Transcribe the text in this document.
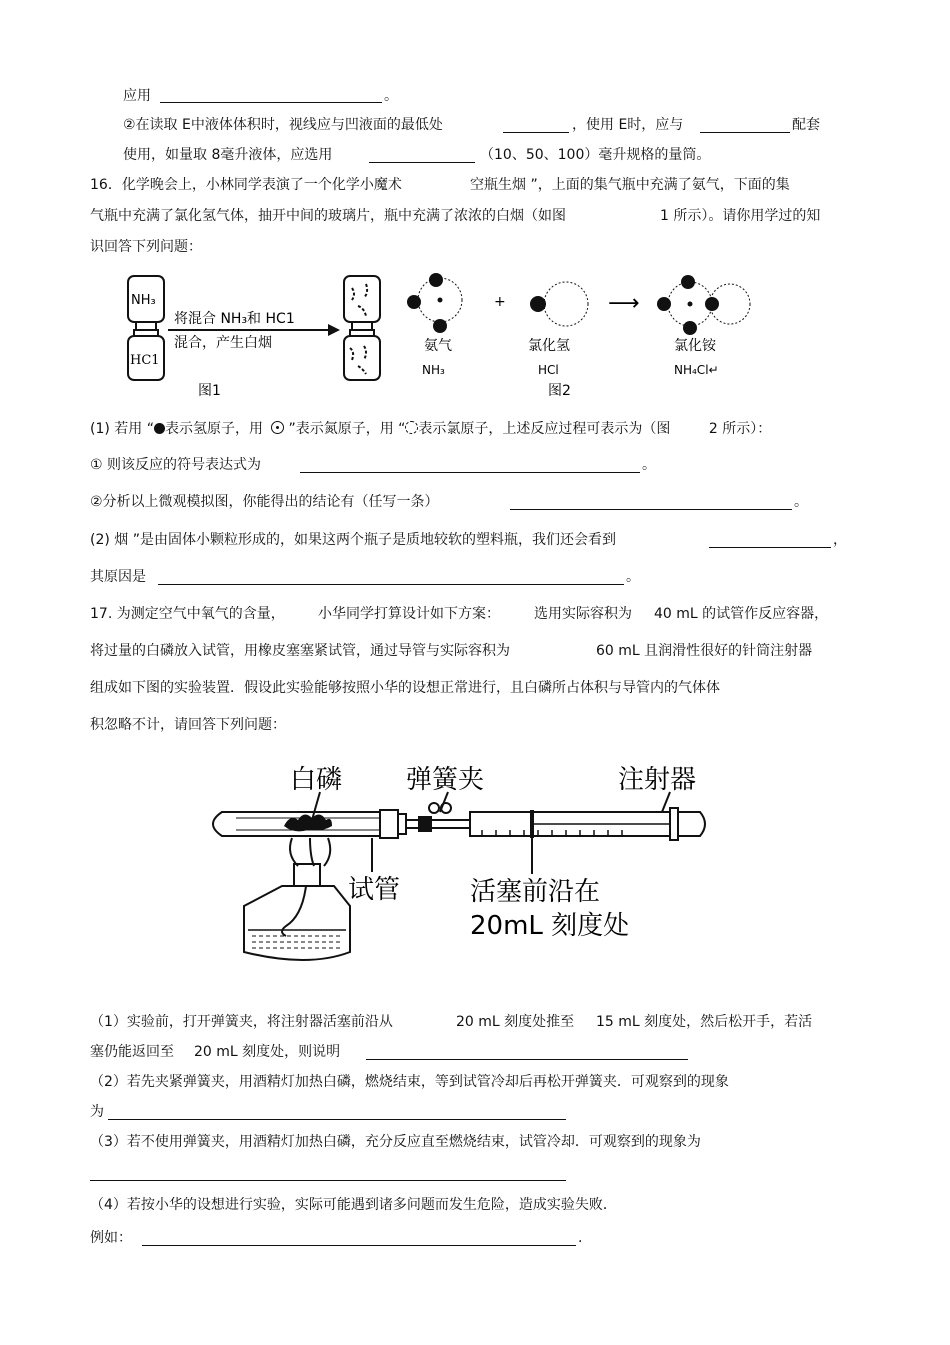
应用	。
②在读取 E中液体体积时，视线应与凹液面的最低处	，使用 E时，应与	配套
使用，如量取 8毫升液体，应选用	（10、50、100）毫升规格的量筒。
16．化学晚会上，小林同学表演了一个化学小魔术	空瓶生烟 ”，上面的集气瓶中充满了氨气，下面的集
气瓶中充满了氯化氢气体，抽开中间的玻璃片，瓶中充满了浓浓的白烟（如图	1 所示）。请你用学过的知
识回答下列问题：
NH₃
HC1
将混合 NH₃和 HC1
混合，产生白烟
图1
氨气
NH₃
+
氯化氢
HCl
⟶
氯化铵
NH₄Cl↵
图2
(1) 若用 “ 表示氢原子，用 ”表示氮原子，用 “ 表示氯原子，上述反应过程可表示为（图	2 所示）：
① 则该反应的符号表达式为	。
②分析以上微观模拟图，你能得出的结论有（任写一条）	。
(2) 烟 ”是由固体小颗粒形成的，如果这两个瓶子是质地较软的塑料瓶，我们还会看到	，
其原因是	。
17. 为测定空气中氧气的含量， 小华同学打算设计如下方案： 选用实际容积为 40 mL 的试管作反应容器，
将过量的白磷放入试管，用橡皮塞塞紧试管，通过导管与实际容积为	60 mL 且润滑性很好的针筒注射器
组成如下图的实验装置．假设此实验能够按照小华的设想正常进行，且白磷所占体积与导管内的气体体
积忽略不计，请回答下列问题：
白磷 弹簧夹	注射器
试管	活塞前沿在
20mL 刻度处
（1）实验前，打开弹簧夹，将注射器活塞前沿从	20 mL 刻度处推至 15 mL 刻度处，然后松开手，若活
塞仍能返回至 20 mL 刻度处，则说明
（2）若先夹紧弹簧夹，用酒精灯加热白磷，燃烧结束，等到试管冷却后再松开弹簧夹．可观察到的现象
为
（3）若不使用弹簧夹，用酒精灯加热白磷，充分反应直至燃烧结束，试管冷却．可观察到的现象为
（4）若按小华的设想进行实验，实际可能遇到诸多问题而发生危险，造成实验失败．
例如：	.
